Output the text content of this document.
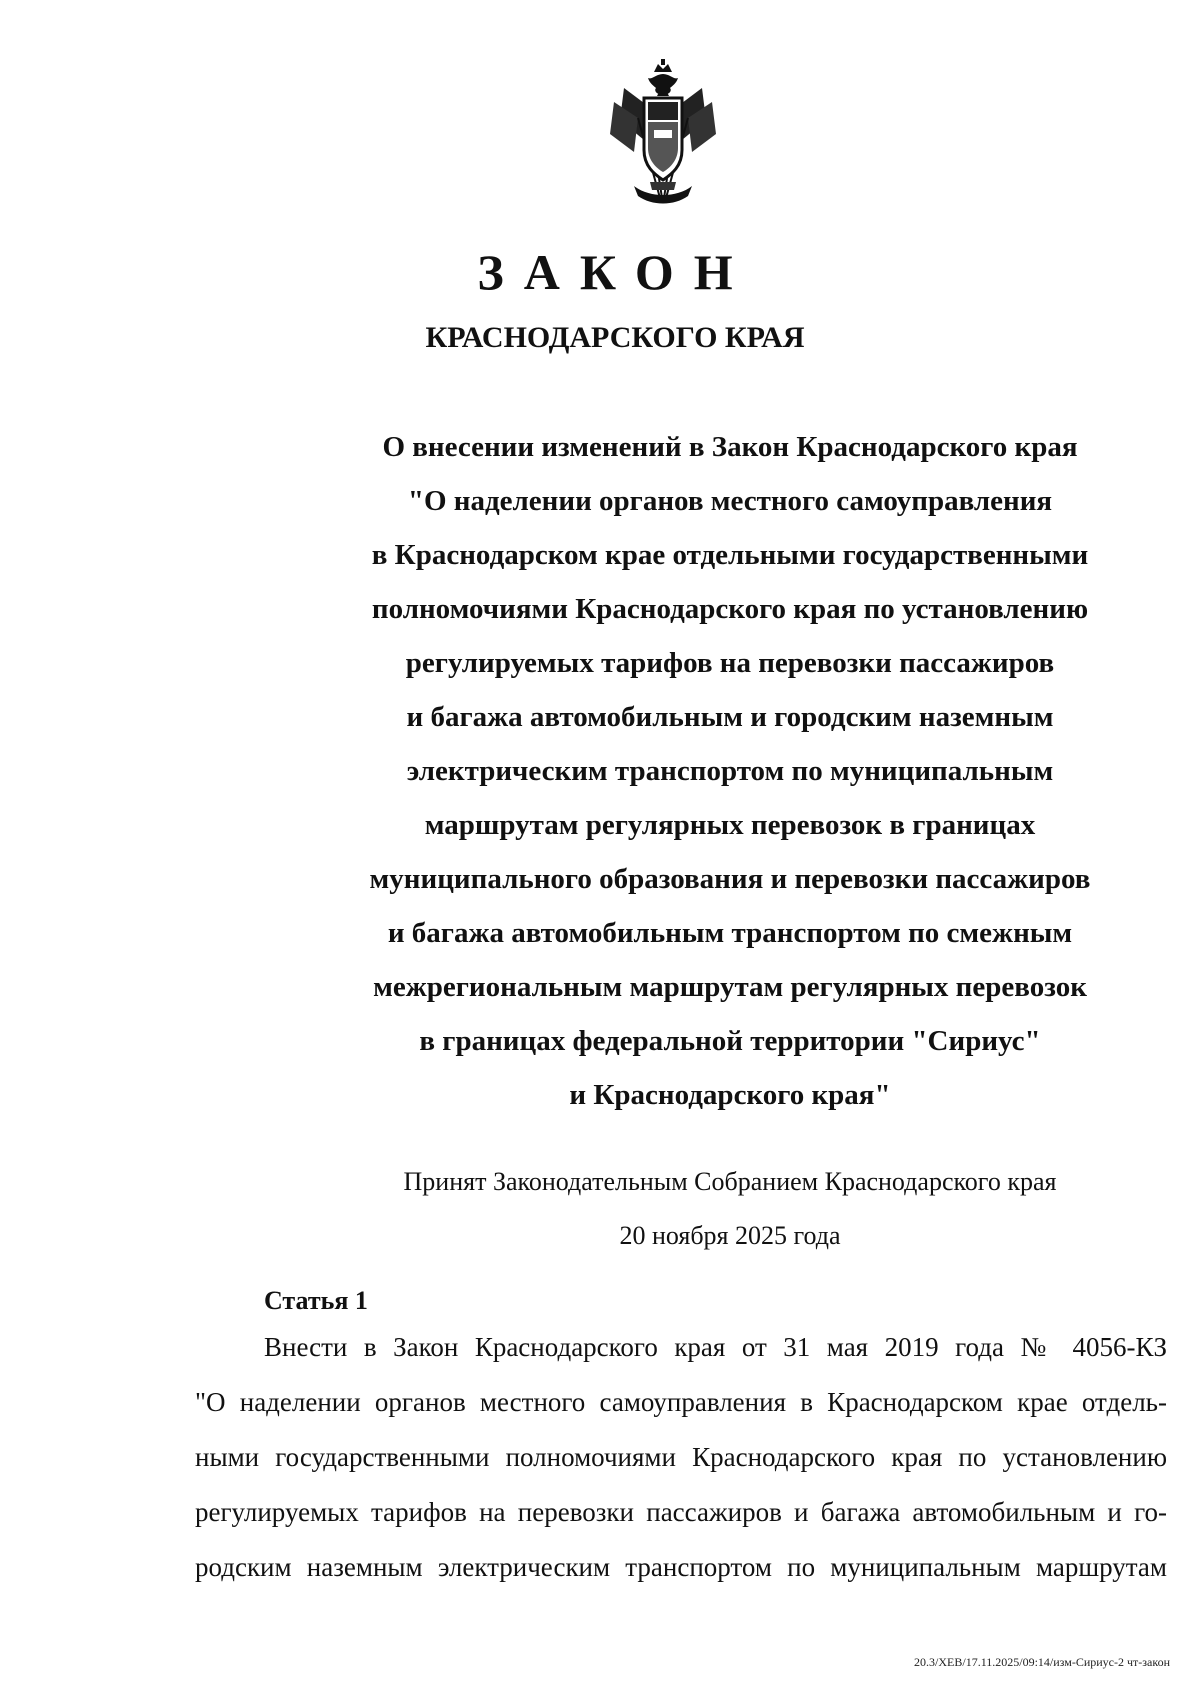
ЗАКОН
КРАСНОДАРСКОГО КРАЯ
О внесении изменений в Закон Краснодарского края
"О наделении органов местного самоуправления
в Краснодарском крае отдельными государственными
полномочиями Краснодарского края по установлению
регулируемых тарифов на перевозки пассажиров
и багажа автомобильным и городским наземным
электрическим транспортом по муниципальным
маршрутам регулярных перевозок в границах
муниципального образования и перевозки пассажиров
и багажа автомобильным транспортом по смежным
межрегиональным маршрутам регулярных перевозок
в границах федеральной территории "Сириус"
и Краснодарского края"
Принят Законодательным Собранием Краснодарского края
20 ноября 2025 года
Статья 1
Внести в Закон Краснодарского края от 31 мая 2019 года № 4056-КЗ
"О наделении органов местного самоуправления в Краснодарском крае отдель-
ными государственными полномочиями Краснодарского края по установлению
регулируемых тарифов на перевозки пассажиров и багажа автомобильным и го-
родским наземным электрическим транспортом по муниципальным маршрутам
20.3/ХЕВ/17.11.2025/09:14/изм-Сириус-2 чт-закон
